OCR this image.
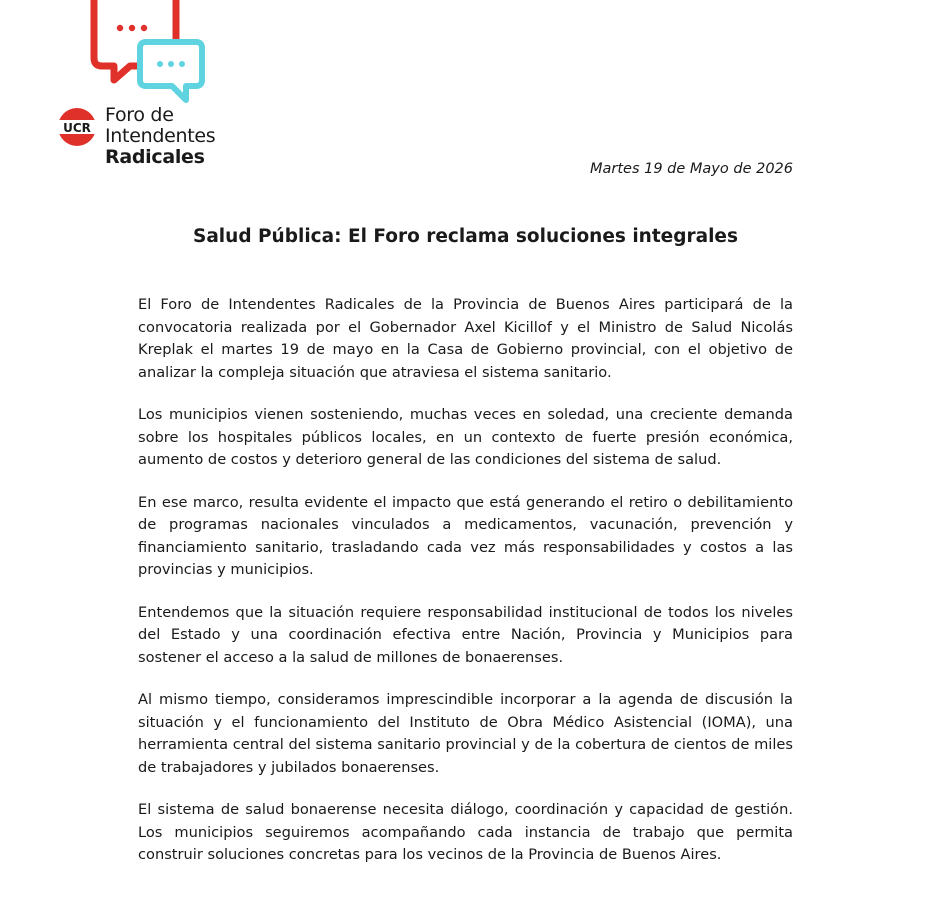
UCR
Foro de
Intendentes
Radicales
Martes 19 de Mayo de 2026
Salud Pública: El Foro reclama soluciones integrales

El Foro de Intendentes Radicales de la Provincia de Buenos Aires participará de la convocatoria realizada por el Gobernador Axel Kicillof y el Ministro de Salud Nicolás Kreplak el martes 19 de mayo en la Casa de Gobierno provincial, con el objetivo de analizar la compleja situación que atraviesa el sistema sanitario.

Los municipios vienen sosteniendo, muchas veces en soledad, una creciente demanda sobre los hospitales públicos locales, en un contexto de fuerte presión económica, aumento de costos y deterioro general de las condiciones del sistema de salud.

En ese marco, resulta evidente el impacto que está generando el retiro o debilitamiento de programas nacionales vinculados a medicamentos, vacunación, prevención y financiamiento sanitario, trasladando cada vez más responsabilidades y costos a las provincias y municipios.

Entendemos que la situación requiere responsabilidad institucional de todos los niveles del Estado y una coordinación efectiva entre Nación, Provincia y Municipios para sostener el acceso a la salud de millones de bonaerenses.

Al mismo tiempo, consideramos imprescindible incorporar a la agenda de discusión la situación y el funcionamiento del Instituto de Obra Médico Asistencial (IOMA), una herramienta central del sistema sanitario provincial y de la cobertura de cientos de miles de trabajadores y jubilados bonaerenses.

El sistema de salud bonaerense necesita diálogo, coordinación y capacidad de gestión. Los municipios seguiremos acompañando cada instancia de trabajo que permita construir soluciones concretas para los vecinos de la Provincia de Buenos Aires.
